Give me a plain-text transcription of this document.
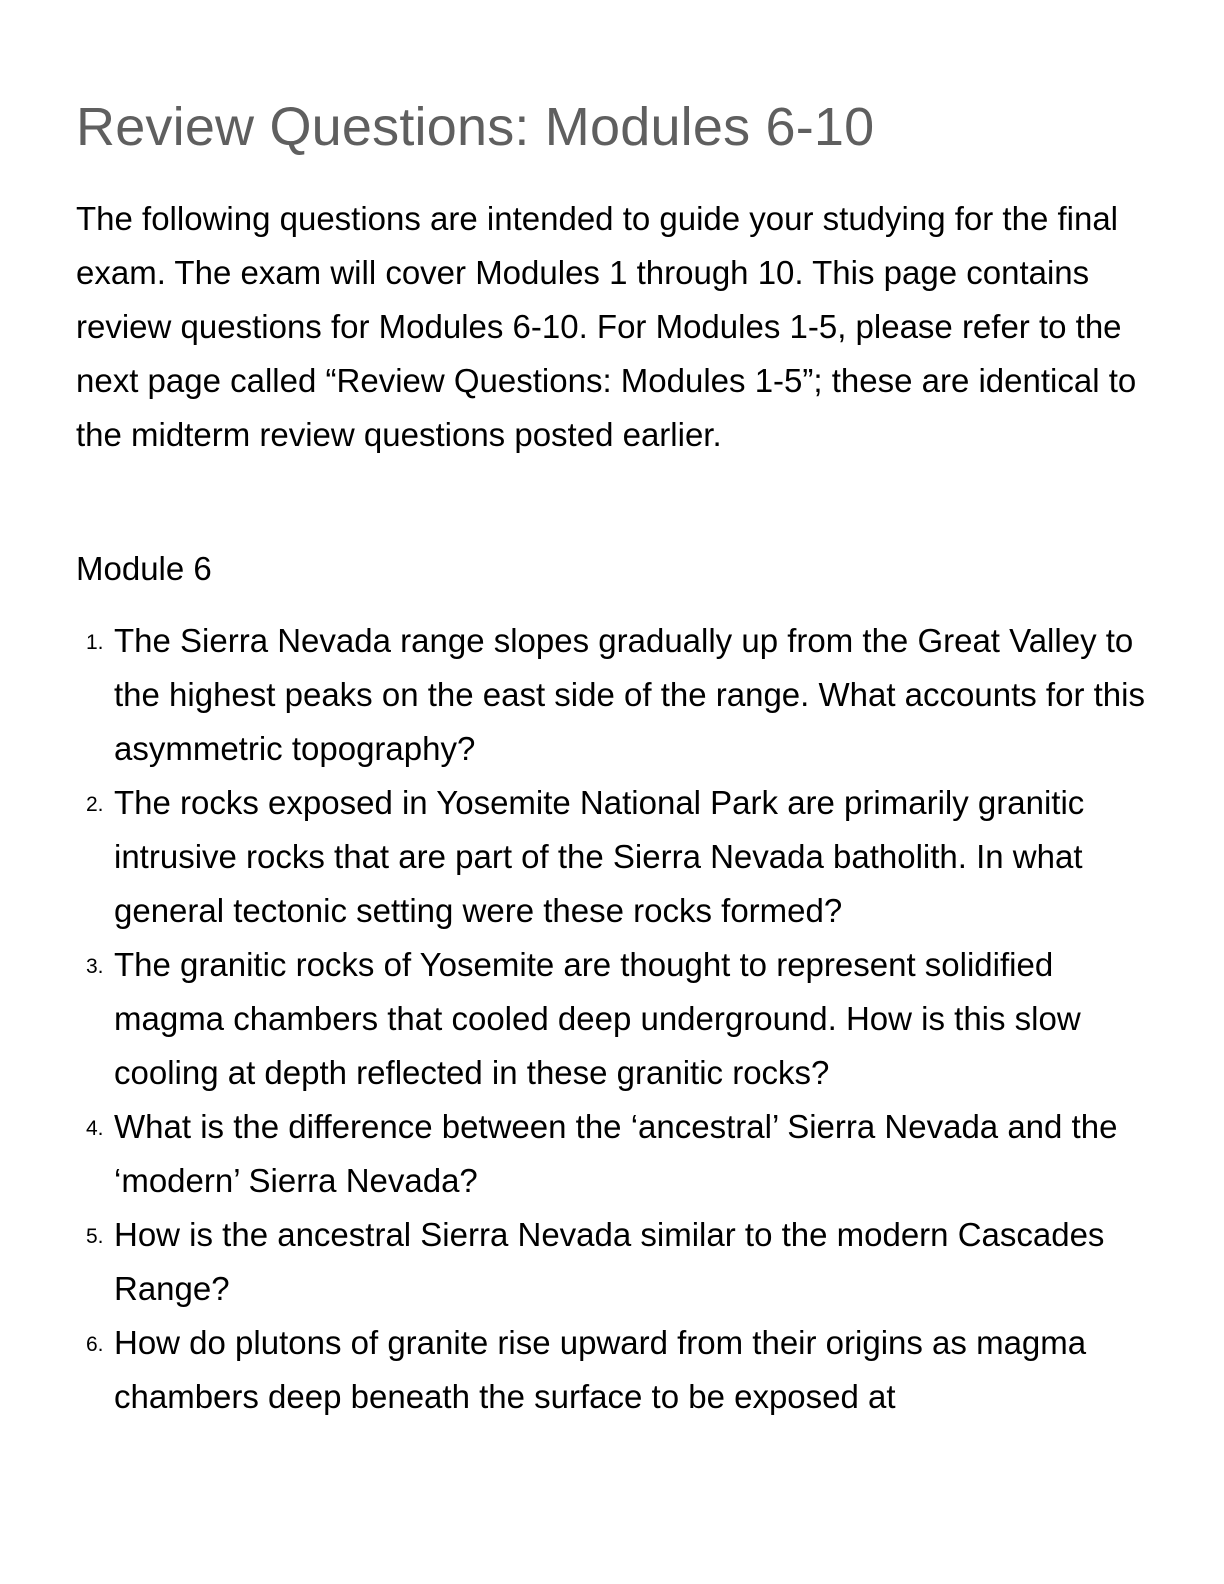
Review Questions: Modules 6-10

The following questions are intended to guide your studying for the final exam. The exam will cover Modules 1 through 10. This page contains review questions for Modules 6-10. For Modules 1-5, please refer to the next page called “Review Questions: Modules 1-5”; these are identical to the midterm review questions posted earlier.

Module 6
1. The Sierra Nevada range slopes gradually up from the Great Valley to the highest peaks on the east side of the range. What accounts for this asymmetric topography?
2. The rocks exposed in Yosemite National Park are primarily granitic intrusive rocks that are part of the Sierra Nevada batholith. In what general tectonic setting were these rocks formed?
3. The granitic rocks of Yosemite are thought to represent solidified magma chambers that cooled deep underground. How is this slow cooling at depth reflected in these granitic rocks?
4. What is the difference between the ‘ancestral’ Sierra Nevada and the ‘modern’ Sierra Nevada?
5. How is the ancestral Sierra Nevada similar to the modern Cascades Range?
6. How do plutons of granite rise upward from their origins as magma chambers deep beneath the surface to be exposed at
